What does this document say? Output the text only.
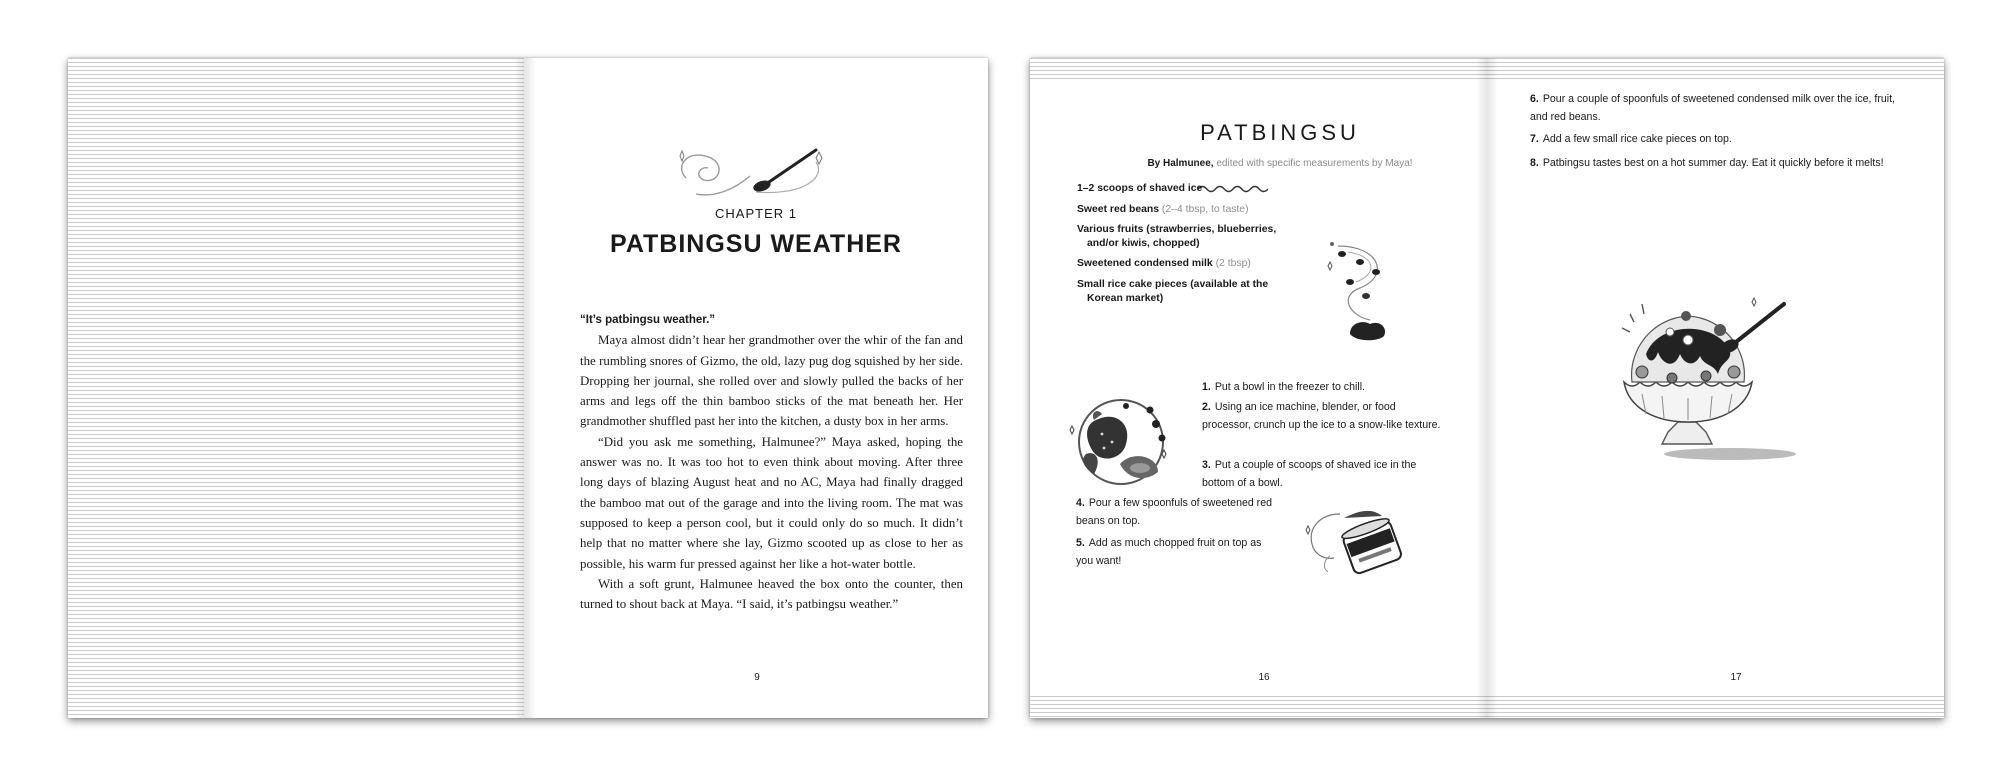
CHAPTER 1
PATBINGSU WEATHER

“It’s patbingsu weather.”

Maya almost didn’t hear her grandmother over the whir of the fan and the rumbling snores of Gizmo, the old, lazy pug dog squished by her side. Dropping her journal, she rolled over and slowly pulled the backs of her arms and legs off the thin bamboo sticks of the mat beneath her. Her grandmother shuffled past her into the kitchen, a dusty box in her arms.

“Did you ask me something, Halmunee?” Maya asked, hoping the answer was no. It was too hot to even think about moving. After three long days of blazing August heat and no AC, Maya had finally dragged the bamboo mat out of the garage and into the living room. The mat was supposed to keep a person cool, but it could only do so much. It didn’t help that no matter where she lay, Gizmo scooted up as close to her as possible, his warm fur pressed against her like a hot-water bottle.

With a soft grunt, Halmunee heaved the box onto the counter, then turned to shout back at Maya. “I said, it’s patbingsu weather.”

9
PATBINGSU
By Halmunee, edited with specific measurements by Maya!
1–2 scoops of shaved ice
Sweet red beans (2–4 tbsp, to taste)
Various fruits (strawberries, blueberries, and/or kiwis, chopped)
Sweetened condensed milk (2 tbsp)
Small rice cake pieces (available at the Korean market)
1. Put a bowl in the freezer to chill.
2. Using an ice machine, blender, or food processor, crunch up the ice to a snow-like texture.
3. Put a couple of scoops of shaved ice in the bottom of a bowl.
4. Pour a few spoonfuls of sweetened red beans on top.
5. Add as much chopped fruit on top as you want!
6. Pour a couple of spoonfuls of sweetened condensed milk over the ice, fruit, and red beans.
7. Add a few small rice cake pieces on top.
8. Patbingsu tastes best on a hot summer day. Eat it quickly before it melts!
16	17
